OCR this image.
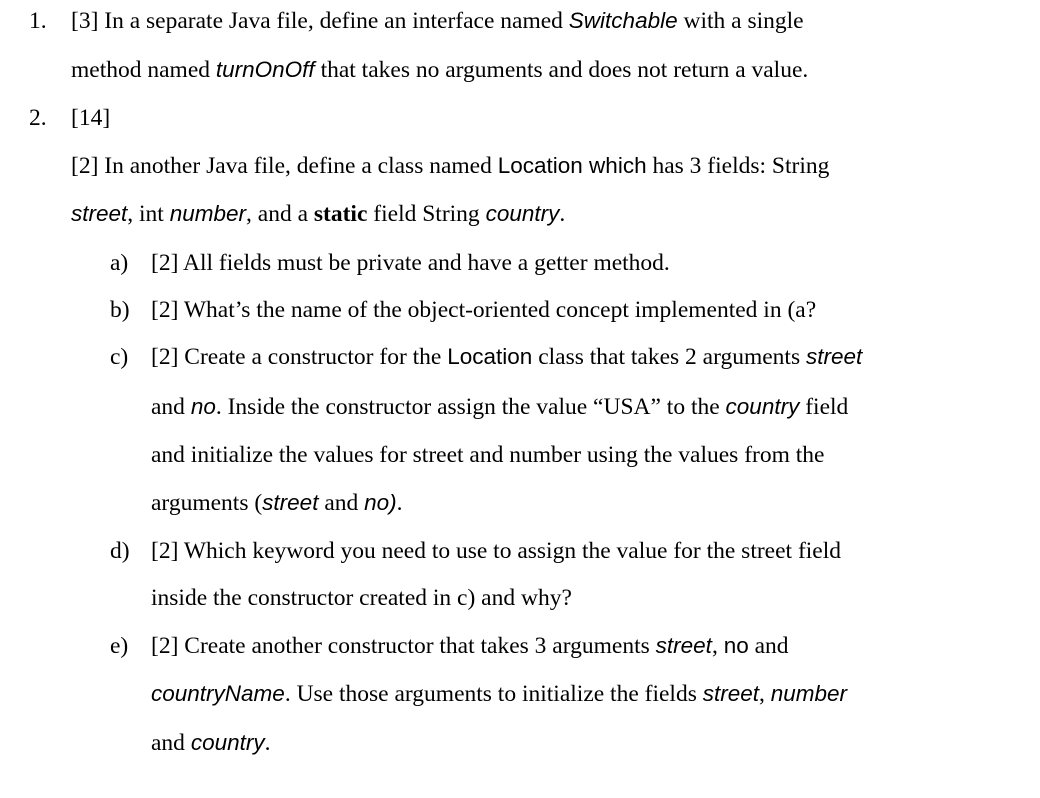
1. [3] In a separate Java file, define an interface named Switchable with a single
method named turnOnOff that takes no arguments and does not return a value.
2. [14]
[2] In another Java file, define a class named Location which has 3 fields: String
street, int number, and a static field String country.
a) [2] All fields must be private and have a getter method.
b) [2] What’s the name of the object-oriented concept implemented in (a?
c) [2] Create a constructor for the Location class that takes 2 arguments street
and no. Inside the constructor assign the value “USA” to the country field
and initialize the values for street and number using the values from the
arguments (street and no).
d) [2] Which keyword you need to use to assign the value for the street field
inside the constructor created in c) and why?
e) [2] Create another constructor that takes 3 arguments street, no and
countryName. Use those arguments to initialize the fields street, number
and country.
